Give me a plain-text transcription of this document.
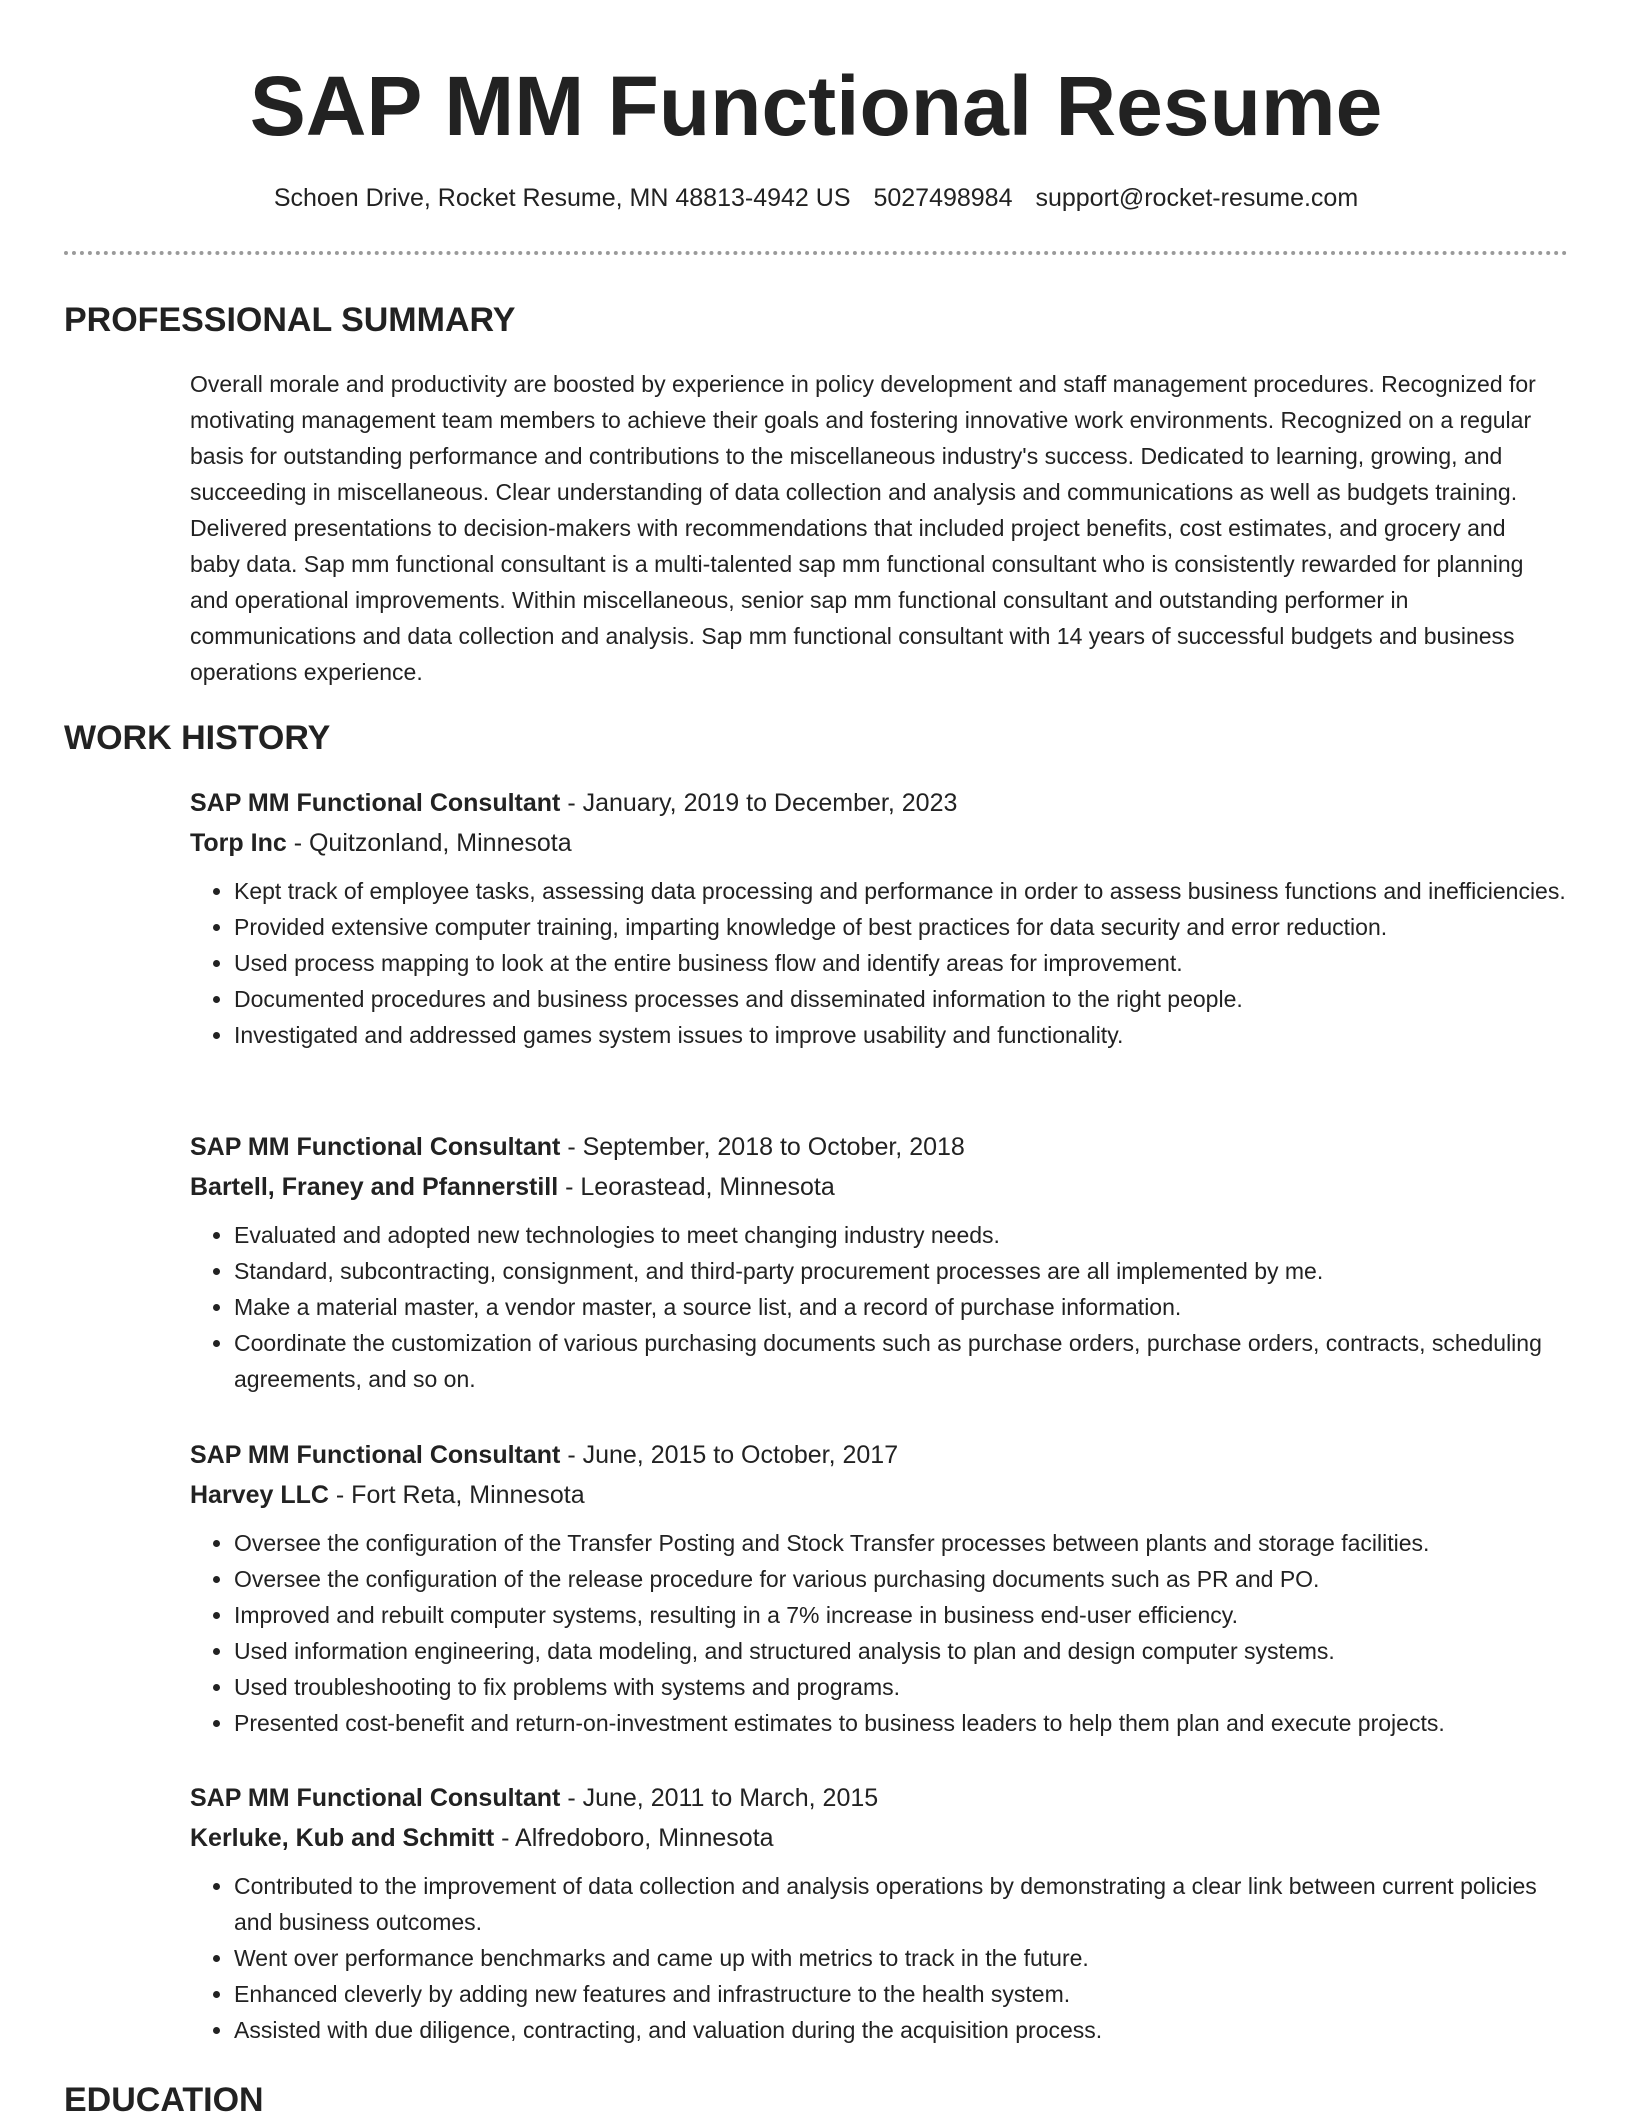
SAP MM Functional Resume
Schoen Drive, Rocket Resume, MN 48813-4942 US 5027498984 support@rocket-resume.com
PROFESSIONAL SUMMARY

Overall morale and productivity are boosted by experience in policy development and staff management procedures. Recognized for motivating management team members to achieve their goals and fostering innovative work environments. Recognized on a regular basis for outstanding performance and contributions to the miscellaneous industry's success. Dedicated to learning, growing, and succeeding in miscellaneous. Clear understanding of data collection and analysis and communications as well as budgets training. Delivered presentations to decision-makers with recommendations that included project benefits, cost estimates, and grocery and baby data. Sap mm functional consultant is a multi-talented sap mm functional consultant who is consistently rewarded for planning and operational improvements. Within miscellaneous, senior sap mm functional consultant and outstanding performer in communications and data collection and analysis. Sap mm functional consultant with 14 years of successful budgets and business operations experience.

WORK HISTORY
SAP MM Functional Consultant - January, 2019 to December, 2023
Torp Inc - Quitzonland, Minnesota
• Kept track of employee tasks, assessing data processing and performance in order to assess business functions and inefficiencies.
• Provided extensive computer training, imparting knowledge of best practices for data security and error reduction.
• Used process mapping to look at the entire business flow and identify areas for improvement.
• Documented procedures and business processes and disseminated information to the right people.
• Investigated and addressed games system issues to improve usability and functionality.
SAP MM Functional Consultant - September, 2018 to October, 2018
Bartell, Franey and Pfannerstill - Leorastead, Minnesota
• Evaluated and adopted new technologies to meet changing industry needs.
• Standard, subcontracting, consignment, and third-party procurement processes are all implemented by me.
• Make a material master, a vendor master, a source list, and a record of purchase information.
• Coordinate the customization of various purchasing documents such as purchase orders, purchase orders, contracts, scheduling agreements, and so on.
SAP MM Functional Consultant - June, 2015 to October, 2017
Harvey LLC - Fort Reta, Minnesota
• Oversee the configuration of the Transfer Posting and Stock Transfer processes between plants and storage facilities.
• Oversee the configuration of the release procedure for various purchasing documents such as PR and PO.
• Improved and rebuilt computer systems, resulting in a 7% increase in business end-user efficiency.
• Used information engineering, data modeling, and structured analysis to plan and design computer systems.
• Used troubleshooting to fix problems with systems and programs.
• Presented cost-benefit and return-on-investment estimates to business leaders to help them plan and execute projects.
SAP MM Functional Consultant - June, 2011 to March, 2015
Kerluke, Kub and Schmitt - Alfredoboro, Minnesota
• Contributed to the improvement of data collection and analysis operations by demonstrating a clear link between current policies and business outcomes.
• Went over performance benchmarks and came up with metrics to track in the future.
• Enhanced cleverly by adding new features and infrastructure to the health system.
• Assisted with due diligence, contracting, and valuation during the acquisition process.
EDUCATION
